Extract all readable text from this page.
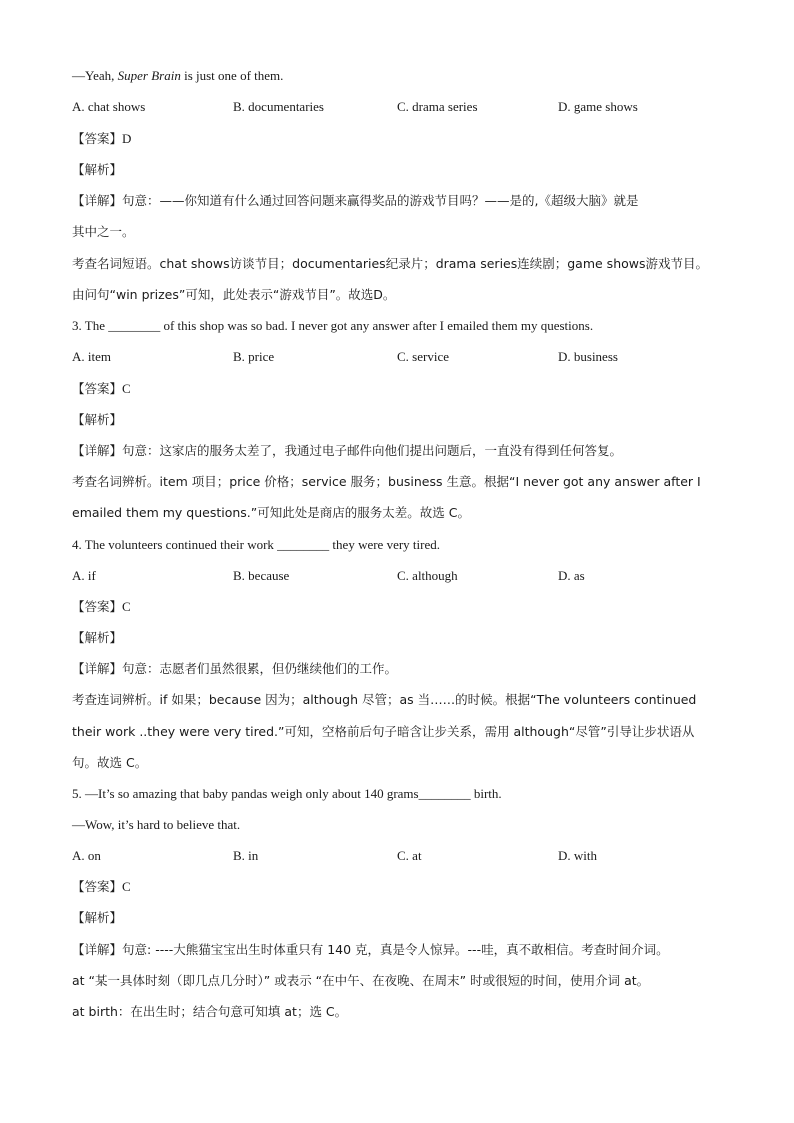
—Yeah, Super Brain is just one of them.
A. chat shows	B. documentaries	C. drama series	D. game shows
【答案】D
【解析】
【详解】句意：——你知道有什么通过回答问题来赢得奖品的游戏节目吗？——是的,《超级大脑》就是
其中之一。
考查名词短语。chat shows访谈节目；documentaries纪录片；drama series连续剧；game shows游戏节目。
由问句“win prizes”可知，此处表示“游戏节目”。故选D。
3. The ________ of this shop was so bad. I never got any answer after I emailed them my questions.
A. item	B. price	C. service	D. business
【答案】C
【解析】
【详解】句意：这家店的服务太差了，我通过电子邮件向他们提出问题后，一直没有得到任何答复。
考查名词辨析。item 项目；price 价格；service 服务；business 生意。根据“I never got any answer after I
emailed them my questions.”可知此处是商店的服务太差。故选 C。
4. The volunteers continued their work ________ they were very tired.
A. if	B. because	C. although	D. as
【答案】C
【解析】
【详解】句意：志愿者们虽然很累，但仍继续他们的工作。
考查连词辨析。if 如果；because 因为；although 尽管；as 当……的时候。根据“The volunteers continued
their work ..they were very tired.”可知，空格前后句子暗含让步关系，需用 although“尽管”引导让步状语从
句。故选 C。
5. —It’s so amazing that baby pandas weigh only about 140 grams________ birth.
—Wow, it’s hard to believe that.
A. on	B. in	C. at	D. with
【答案】C
【解析】
【详解】句意: ----大熊猫宝宝出生时体重只有 140 克，真是令人惊异。---哇，真不敢相信。考查时间介词。
at “某一具体时刻（即几点几分时）” 或表示 “在中午、在夜晚、在周末” 时或很短的时间，使用介词 at。
at birth：在出生时；结合句意可知填 at；选 C。
